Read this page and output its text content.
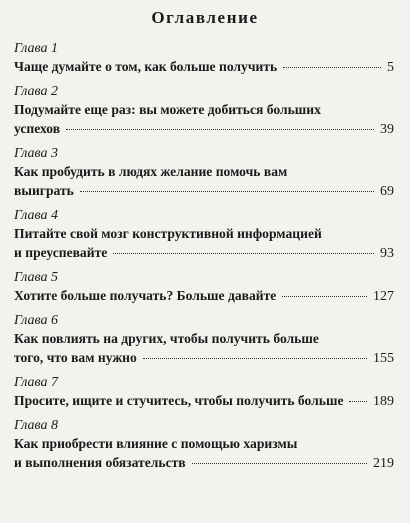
Оглавление
Глава 1
Чаще думайте о том, как больше получить	5
Глава 2
Подумайте еще раз: вы можете добиться больших
успехов	39
Глава 3
Как пробудить в людях желание помочь вам
выиграть	69
Глава 4
Питайте свой мозг конструктивной информацией
и преуспевайте	93
Глава 5
Хотите больше получать? Больше давайте	127
Глава 6
Как повлиять на других, чтобы получить больше
того, что вам нужно	155
Глава 7
Просите, ищите и стучитесь, чтобы получить больше 189
Глава 8
Как приобрести влияние с помощью харизмы
и выполнения обязательств	219
